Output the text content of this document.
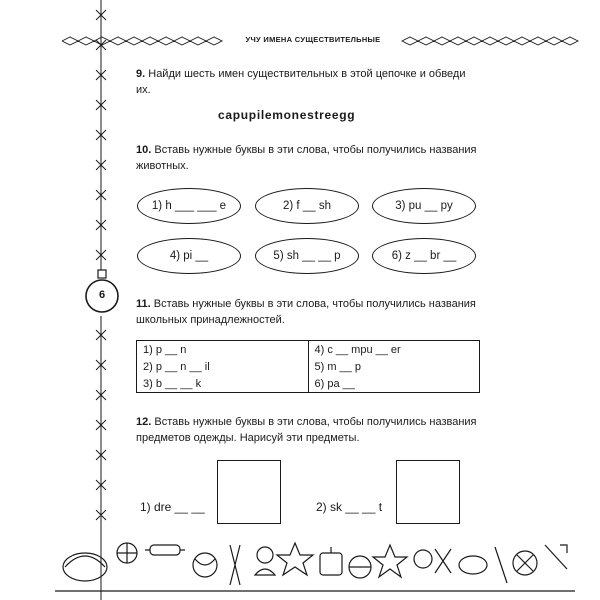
УЧУ ИМЕНА СУЩЕСТВИТЕЛЬНЫЕ
6
9. Найди шесть имен существительных в этой цепочке и обведи их.
capupilemonestreegg
10. Вставь нужные буквы в эти слова, чтобы получились названия животных.
1) h ___ ___ e	2) f __ sh	3) pu __ py
4) pi __	5) sh __ __ p	6) z __ br __
11. Вставь нужные буквы в эти слова, чтобы получились названия школьных принадлежностей.
1) p __ n	4) c __ mpu __ er
2) p __ n __ il	5) m __ p
3) b __ __ k	6) pa __
12. Вставь нужные буквы в эти слова, чтобы получились названия предметов одежды. Нарисуй эти предметы.
1) dre __ __	2) sk __ __ t
